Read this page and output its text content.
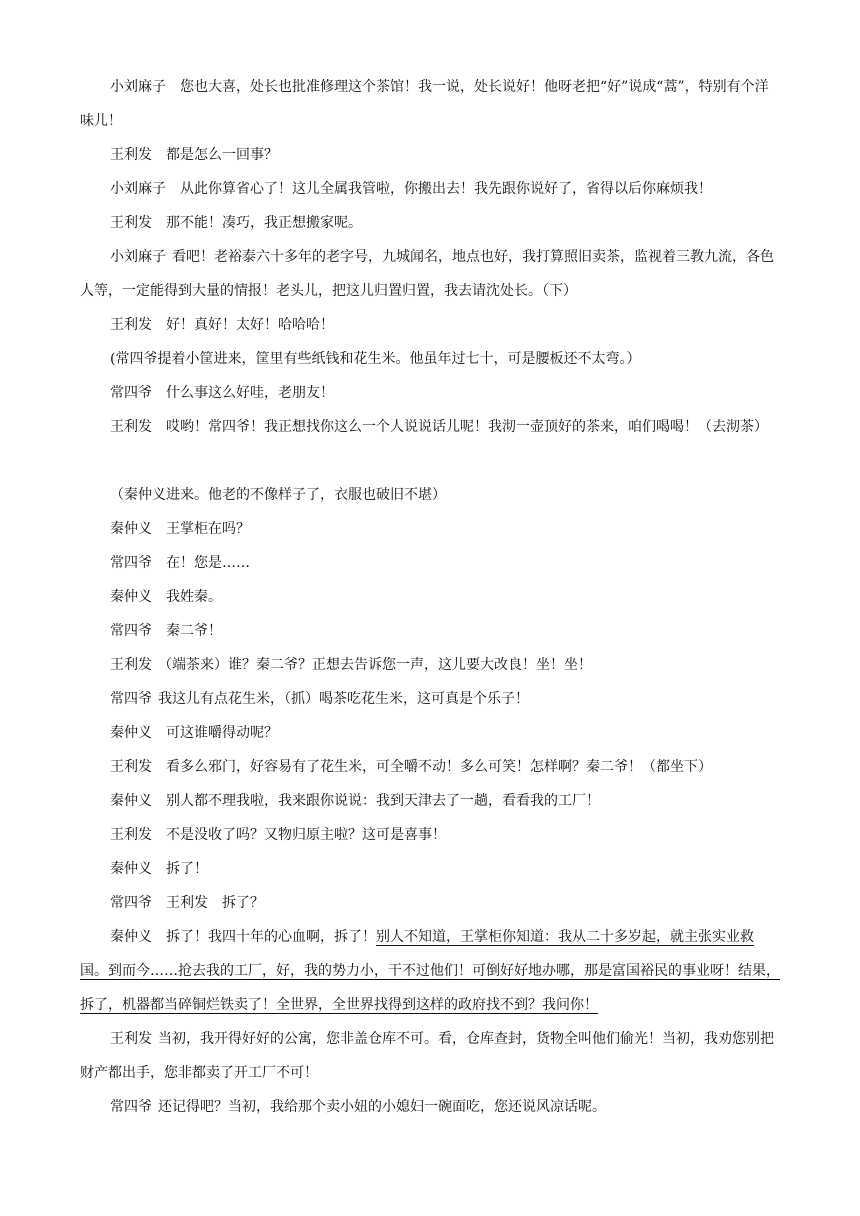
小刘麻子 您也大喜，处长也批准修理这个茶馆！我一说，处长说好！他呀老把“好”说成“蒿”，特别有个洋味儿！

王利发 都是怎么一回事？

小刘麻子 从此你算省心了！这儿全属我管啦，你搬出去！我先跟你说好了，省得以后你麻烦我！

王利发 那不能！凑巧，我正想搬家呢。

小刘麻子 看吧！老裕泰六十多年的老字号，九城闻名，地点也好，我打算照旧卖茶，监视着三教九流，各色人等，一定能得到大量的情报！老头儿，把这儿归置归置，我去请沈处长。（下）

王利发 好！真好！太好！哈哈哈！

(常四爷提着小筐进来，筐里有些纸钱和花生米。他虽年过七十，可是腰板还不太弯。）

常四爷 什么事这么好哇，老朋友！

王利发 哎哟！常四爷！我正想找你这么一个人说说话儿呢！我沏一壶顶好的茶来，咱们喝喝！（去沏茶）

（秦仲义进来。他老的不像样子了，衣服也破旧不堪）

秦仲义 王掌柜在吗？

常四爷 在！您是……

秦仲义 我姓秦。

常四爷 秦二爷！

王利发 （端茶来）谁？秦二爷？正想去告诉您一声，这儿要大改良！坐！坐！

常四爷 我这儿有点花生米，（抓）喝茶吃花生米，这可真是个乐子！

秦仲义 可这谁嚼得动呢？

王利发 看多么邪门，好容易有了花生米，可全嚼不动！多么可笑！怎样啊？秦二爷！（都坐下）

秦仲义 别人都不理我啦，我来跟你说说：我到天津去了一趟，看看我的工厂！

王利发 不是没收了吗？又物归原主啦？这可是喜事！

秦仲义 拆了！

常四爷　王利发 拆了？

秦仲义 拆了！我四十年的心血啊，拆了！别人不知道，王掌柜你知道：我从二十多岁起，就主张实业救国。到而今……抢去我的工厂，好，我的势力小，干不过他们！可倒好好地办哪，那是富国裕民的事业呀！结果，拆了，机器都当碎铜烂铁卖了！全世界，全世界找得到这样的政府找不到？我问你！

王利发 当初，我开得好好的公寓，您非盖仓库不可。看，仓库查封，货物全叫他们偷光！当初，我劝您别把财产都出手，您非都卖了开工厂不可！

常四爷 还记得吧？当初，我给那个卖小妞的小媳妇一碗面吃，您还说风凉话呢。
